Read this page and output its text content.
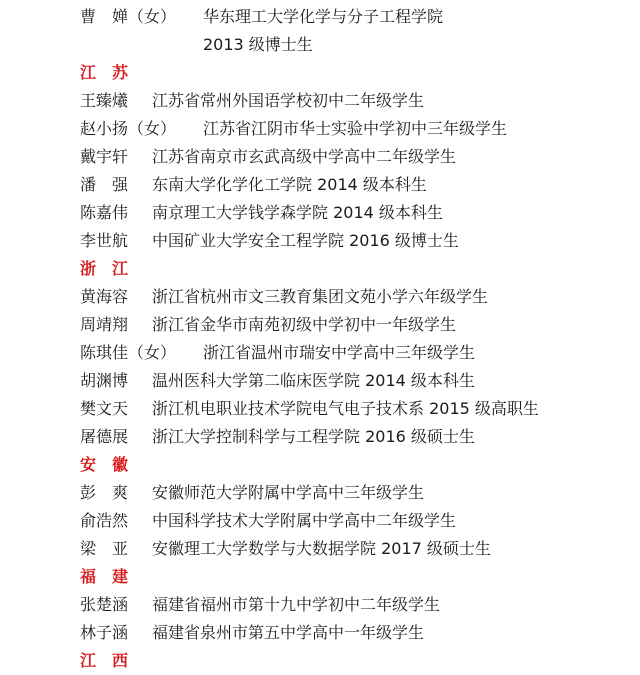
曹　婵（女） 华东理工大学化学与分子工程学院
2013 级博士生
江　苏
王臻爔 江苏省常州外国语学校初中二年级学生
赵小扬（女） 江苏省江阴市华士实验中学初中三年级学生
戴宇轩 江苏省南京市玄武高级中学高中二年级学生
潘　强 东南大学化学化工学院 2014 级本科生
陈嘉伟 南京理工大学钱学森学院 2014 级本科生
李世航 中国矿业大学安全工程学院 2016 级博士生
浙　江
黄海容 浙江省杭州市文三教育集团文苑小学六年级学生
周靖翔 浙江省金华市南苑初级中学初中一年级学生
陈琪佳（女） 浙江省温州市瑞安中学高中三年级学生
胡渊博 温州医科大学第二临床医学院 2014 级本科生
樊文天 浙江机电职业技术学院电气电子技术系 2015 级高职生
屠德展 浙江大学控制科学与工程学院 2016 级硕士生
安　徽
彭　爽 安徽师范大学附属中学高中三年级学生
俞浩然 中国科学技术大学附属中学高中二年级学生
梁　亚 安徽理工大学数学与大数据学院 2017 级硕士生
福　建
张楚涵 福建省福州市第十九中学初中二年级学生
林子涵 福建省泉州市第五中学高中一年级学生
江　西
